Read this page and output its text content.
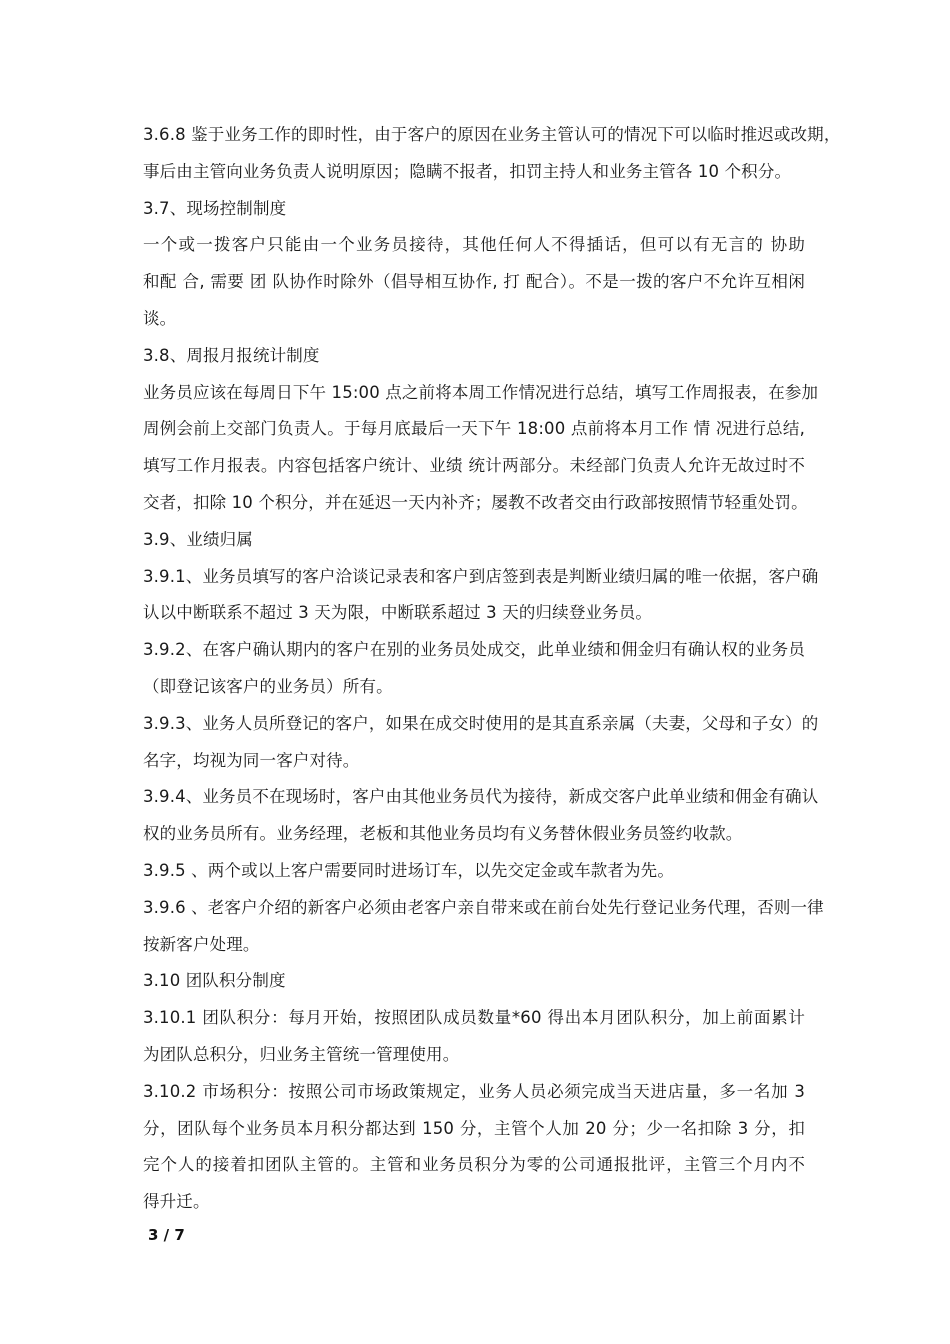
3.6.8 鉴于业务工作的即时性，由于客户的原因在业务主管认可的情况下可以临时推迟或改期，
事后由主管向业务负责人说明原因；隐瞒不报者，扣罚主持人和业务主管各 10 个积分。
3.7、现场控制制度
一个或一拨客户只能由一个业务员接待，其他任何人不得插话，但可以有无言的 协助
和配 合, 需要 团 队协作时除外（倡导相互协作, 打 配合）。不是一拨的客户不允许互相闲
谈。
3.8、周报月报统计制度
业务员应该在每周日下午 15:00 点之前将本周工作情况进行总结，填写工作周报表，在参加
周例会前上交部门负责人。于每月底最后一天下午 18:00 点前将本月工作 情 况进行总结,
填写工作月报表。内容包括客户统计、业绩 统计两部分。未经部门负责人允许无故过时不
交者，扣除 10 个积分，并在延迟一天内补齐；屡教不改者交由行政部按照情节轻重处罚。
3.9、业绩归属
3.9.1、业务员填写的客户洽谈记录表和客户到店签到表是判断业绩归属的唯一依据，客户确
认以中断联系不超过 3 天为限，中断联系超过 3 天的归续登业务员。
3.9.2、在客户确认期内的客户在别的业务员处成交，此单业绩和佣金归有确认权的业务员
（即登记该客户的业务员）所有。
3.9.3、业务人员所登记的客户，如果在成交时使用的是其直系亲属（夫妻，父母和子女）的
名字，均视为同一客户对待。
3.9.4、业务员不在现场时，客户由其他业务员代为接待，新成交客户此单业绩和佣金有确认
权的业务员所有。业务经理，老板和其他业务员均有义务替休假业务员签约收款。
3.9.5 、两个或以上客户需要同时进场订车，以先交定金或车款者为先。
3.9.6 、老客户介绍的新客户必须由老客户亲自带来或在前台处先行登记业务代理，否则一律
按新客户处理。
3.10 团队积分制度
3.10.1 团队积分：每月开始，按照团队成员数量*60 得出本月团队积分，加上前面累计
为团队总积分，归业务主管统一管理使用。
3.10.2 市场积分：按照公司市场政策规定，业务人员必须完成当天进店量，多一名加 3
分，团队每个业务员本月积分都达到 150 分，主管个人加 20 分；少一名扣除 3 分，扣
完个人的接着扣团队主管的。主管和业务员积分为零的公司通报批评，主管三个月内不
得升迁。
3 / 7
